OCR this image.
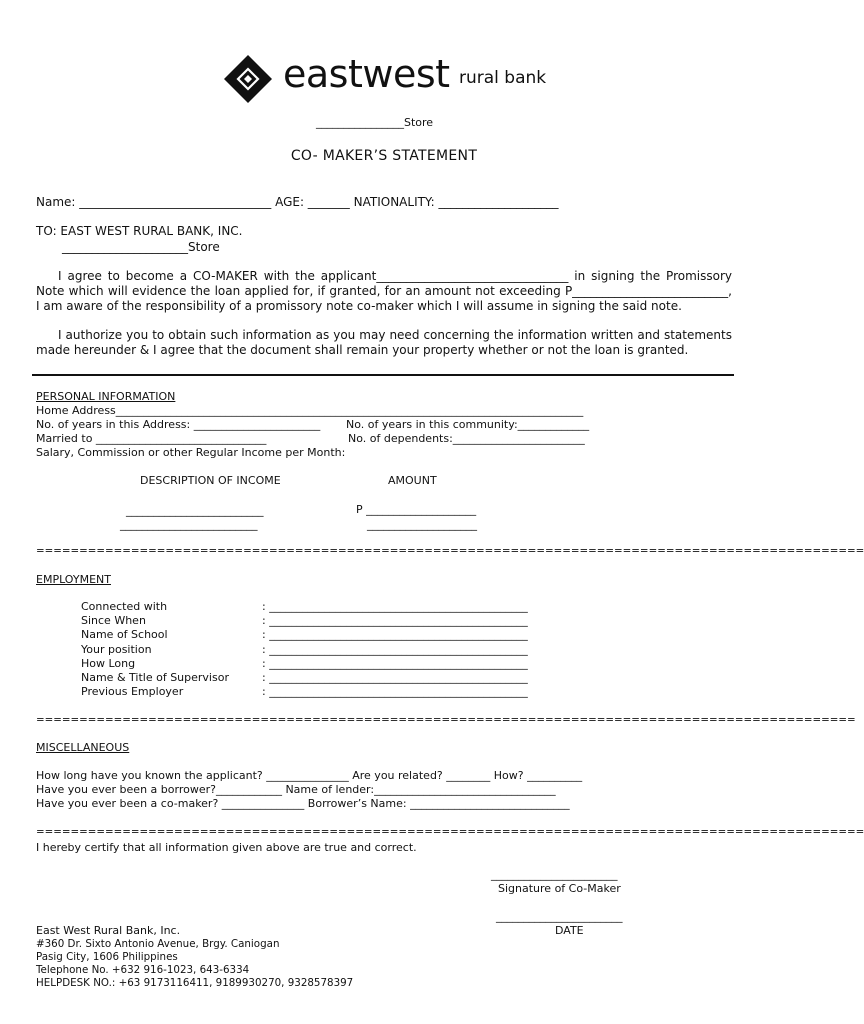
eastwest rural bank
________________Store
CO- MAKER’S STATEMENT
Name: ________________________________ AGE: _______ NATIONALITY: ____________________
TO: EAST WEST RURAL BANK, INC.
_____________________Store
I agree to become a CO-MAKER with the applicant________________________________ in signing the Promissory Note which will evidence the loan applied for, if granted, for an amount not exceeding P__________________________, I am aware of the responsibility of a promissory note co-maker which I will assume in signing the said note.
I authorize you to obtain such information as you may need concerning the information written and statements made hereunder & I agree that the document shall remain your property whether or not the loan is granted.
PERSONAL INFORMATION
Home Address_____________________________________________________________________________________
No. of years in this Address: _______________________ No. of years in this community:_____________
Married to _______________________________	No. of dependents:________________________
Salary, Commission or other Regular Income per Month:
DESCRIPTION OF INCOME	AMOUNT
_________________________	P ____________________
_________________________	____________________
================================================================================================
EMPLOYMENT
Connected with	: _______________________________________________
Since When	: _______________________________________________
Name of School	: _______________________________________________
Your position	: _______________________________________________
How Long	: _______________________________________________
Name & Title of Supervisor	: _______________________________________________
Previous Employer	: _______________________________________________
===============================================================================================
MISCELLANEOUS
How long have you known the applicant? _______________ Are you related? ________ How? __________
Have you ever been a borrower?____________ Name of lender:_________________________________
Have you ever been a co-maker? _______________ Borrower’s Name: _____________________________
================================================================================================
I hereby certify that all information given above are true and correct.
_______________________
Signature of Co-Maker
_______________________
DATE
East West Rural Bank, Inc.
#360 Dr. Sixto Antonio Avenue, Brgy. Caniogan
Pasig City, 1606 Philippines
Telephone No. +632 916-1023, 643-6334
HELPDESK NO.: +63 9173116411, 9189930270, 9328578397
